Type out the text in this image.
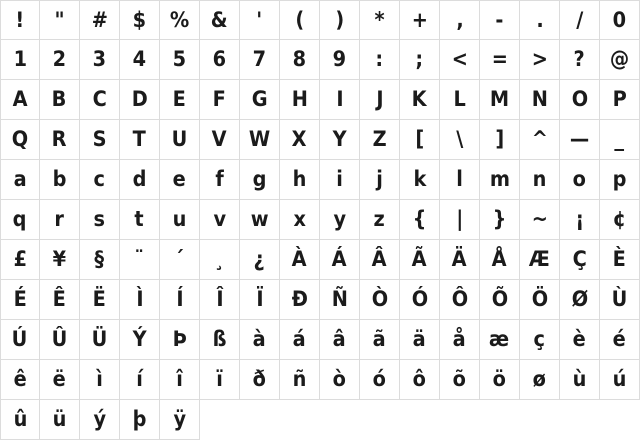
! " # $ % & ' ( ) * + , - . / 0
1 2 3 4 5 6 7 8 9 : ; < = > ? @
A B C D E F G H I J K L M N O P
Q R S T U V W X Y Z [ \ ] ^ — _
a b c d e f g h i j k l m n o p
q r s t u v w x y z { | } ~ ¡ ¢
£ ¥ § ¨ ´ ¸ ¿ À Á Â Ã Ä Å Æ Ç È
É Ê Ë Ì Í Î Ï Ð Ñ Ò Ó Ô Õ Ö Ø Ù
Ú Û Ü Ý Þ ß à á â ã ä å æ ç è é
ê ë ì í î ï ð ñ ò ó ô õ ö ø ù ú
û ü ý þ ÿ
